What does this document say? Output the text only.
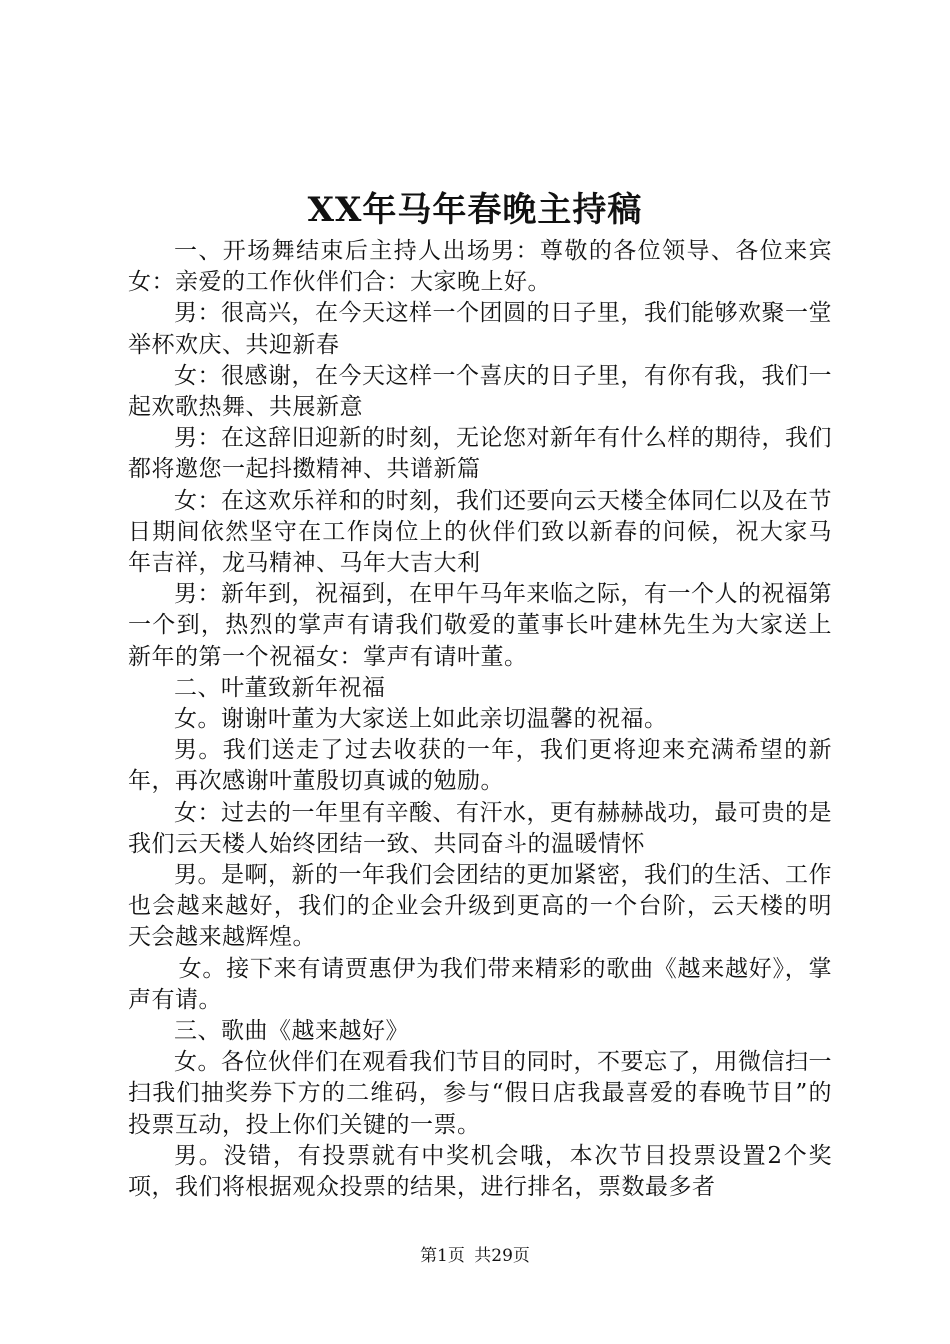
XX年马年春晚主持稿

一、开场舞结束后主持人出场男：尊敬的各位领导、各位来宾女：亲爱的工作伙伴们合：大家晚上好。

男：很高兴，在今天这样一个团圆的日子里，我们能够欢聚一堂举杯欢庆、共迎新春

女：很感谢，在今天这样一个喜庆的日子里，有你有我，我们一起欢歌热舞、共展新意

男：在这辞旧迎新的时刻，无论您对新年有什么样的期待，我们都将邀您一起抖擞精神、共谱新篇

女：在这欢乐祥和的时刻，我们还要向云天楼全体同仁以及在节日期间依然坚守在工作岗位上的伙伴们致以新春的问候，祝大家马年吉祥，龙马精神、马年大吉大利

男：新年到，祝福到，在甲午马年来临之际，有一个人的祝福第一个到，热烈的掌声有请我们敬爱的董事长叶建林先生为大家送上新年的第一个祝福女：掌声有请叶董。

二、叶董致新年祝福

女。谢谢叶董为大家送上如此亲切温馨的祝福。

男。我们送走了过去收获的一年，我们更将迎来充满希望的新年，再次感谢叶董殷切真诚的勉励。

女：过去的一年里有辛酸、有汗水，更有赫赫战功，最可贵的是我们云天楼人始终团结一致、共同奋斗的温暖情怀

男。是啊，新的一年我们会团结的更加紧密，我们的生活、工作也会越来越好，我们的企业会升级到更高的一个台阶，云天楼的明天会越来越辉煌。

女。接下来有请贾惠伊为我们带来精彩的歌曲《越来越好》，掌声有请。

三、歌曲《越来越好》

女。各位伙伴们在观看我们节目的同时，不要忘了，用微信扫一扫我们抽奖券下方的二维码，参与“假日店我最喜爱的春晚节目”的投票互动，投上你们关键的一票。

男。没错，有投票就有中奖机会哦，本次节目投票设置2个奖项，我们将根据观众投票的结果，进行排名，票数最多者

第1页 共29页
